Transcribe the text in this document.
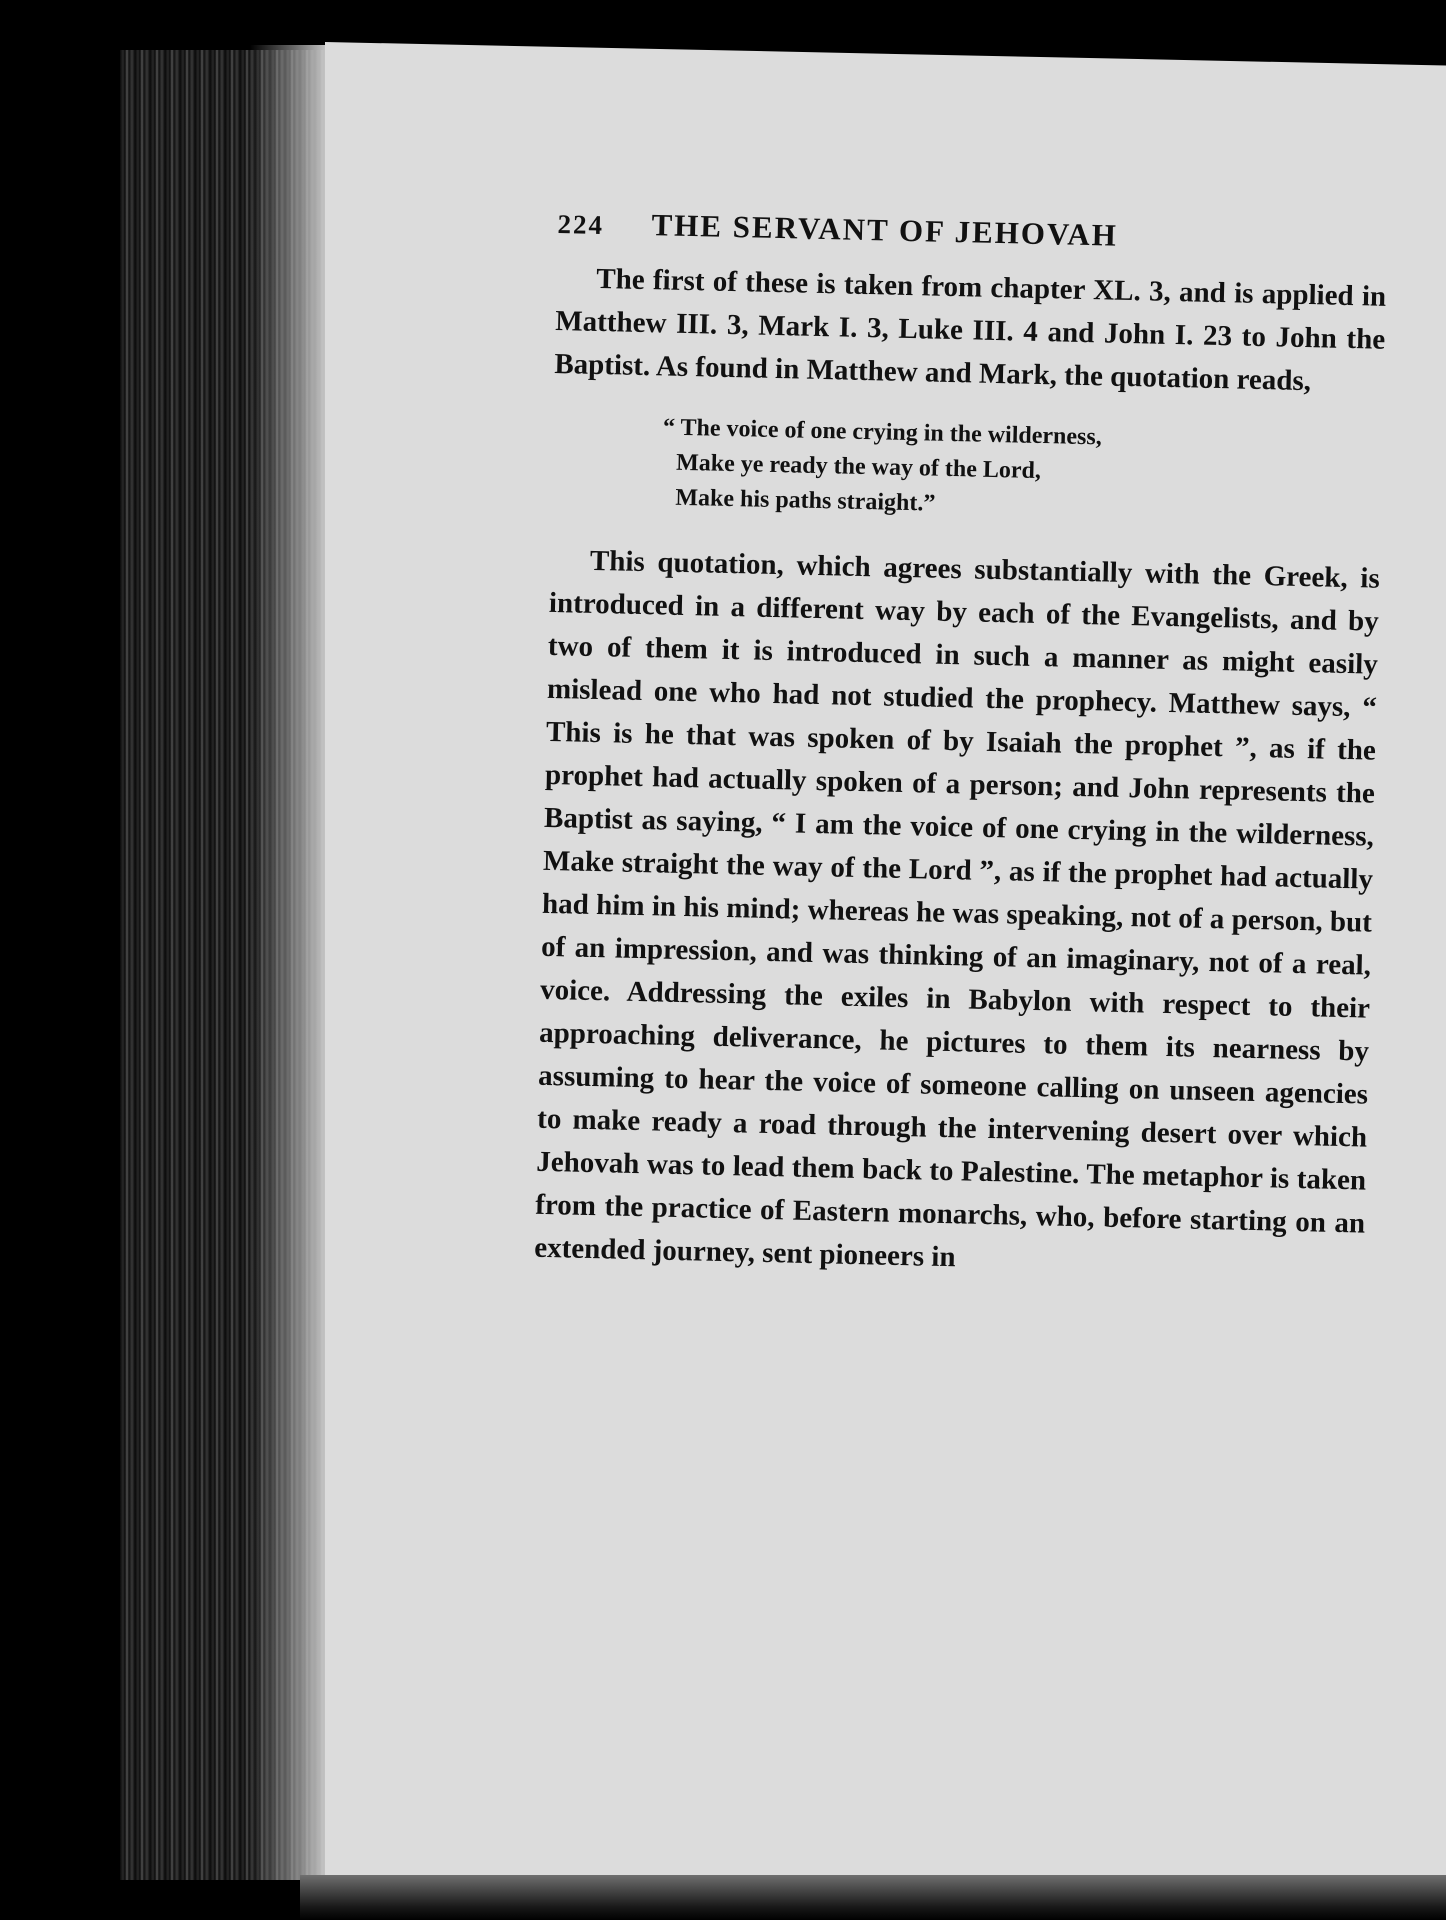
224	THE SERVANT OF JEHOVAH

The first of these is taken from chapter XL. 3, and is applied in Matthew III. 3, Mark I. 3, Luke III. 4 and John I. 23 to John the Baptist. As found in Matthew and Mark, the quotation reads,

“ The voice of one crying in the wilderness,
Make ye ready the way of the Lord,
Make his paths straight.”

This quotation, which agrees substantially with the Greek, is introduced in a different way by each of the Evangelists, and by two of them it is introduced in such a manner as might easily mislead one who had not studied the prophecy. Matthew says, “ This is he that was spoken of by Isaiah the prophet ”, as if the prophet had actually spoken of a person; and John represents the Baptist as saying, “ I am the voice of one crying in the wilderness, Make straight the way of the Lord ”, as if the prophet had actually had him in his mind; whereas he was speaking, not of a person, but of an impression, and was thinking of an imaginary, not of a real, voice. Addressing the exiles in Babylon with respect to their approaching deliverance, he pictures to them its nearness by assuming to hear the voice of someone calling on unseen agencies to make ready a road through the intervening desert over which Jehovah was to lead them back to Palestine. The metaphor is taken from the practice of Eastern monarchs, who, before starting on an extended journey, sent pioneers in
